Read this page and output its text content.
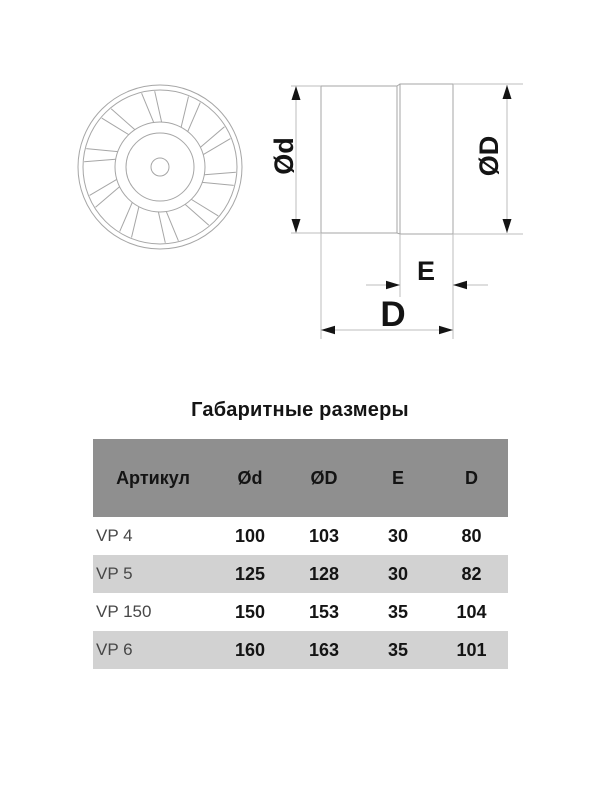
Ød	ØD
E
D
Габаритные размеры
Артикул	Ød	ØD	E	D
VP 4	100	103	30	80
VP 5	125	128	30	82
VP 150	150	153	35	104
VP 6	160	163	35	101
